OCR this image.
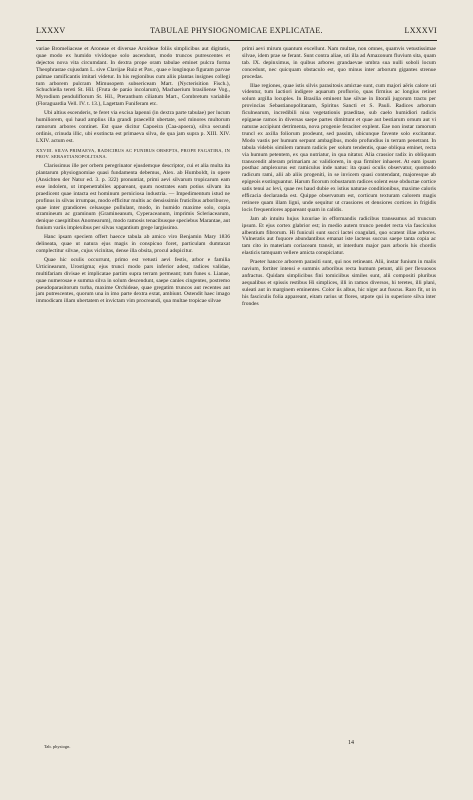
LXXXV	TABULAE PHYSIOGNOMICAE EXPLICATAE.	LXXXVI

variae Bromeliaceae et Aroneae et diversae Aroideae foliis simplicibus aut digitatis, quae modo ex humido vividoque solo ascendunt, modo truncos putrescentes et dejectos nova vita circumdant. In dextra prope oram tabulae eminet pulcra forma Theophrastae cujusdam L. sive Clavijae Ruiz et Pav., quae e longinquo figuram parvae palmae ramificantis imitari videtur. In his regionibus cum aliis plantas insignes collegi tum arborem pulcram Mimusopem subsericeam Mart. (Nycterisition Fisch.), Schuchiella tereti St. Hil. (Fruta de paráo incolarum), Machaerium brasiliense Vog., Myrodium penduliflorum St. Hil., Pteranthum ciliatum Mart., Combretum variabile (Floraguardia Vell. IV. t. 13.), Lagettam Funiferam etc.

Ubi altius escenderis, te feret via excisa lapenni (in dextra parte tabulae) per lucum humiliorem, qui haud amplius illa grandi praecellit ubertate, sed minores multorum ramorum arbores continet. Est quae dicitur Capoeira (Caa-apoera), silva secundi ordinis, crinuda illic, ubi exstincta est primaeva silva, de qua jam supra p. XIII. XIV. LXIV. actum est.

XXVIII. SILVA PRIMAEVA, RADICIBUS AC FUNIBUS OBSEPTA, PROPE FAGATIBA, IN PROV. SEBASTIANOPOLITANA.

Clarissimus ille per orbem peregrinator ejusdemque descriptor, cui et alia multa ita plantarum physiognomiae quasi fundamenta debemus, Alex. ab Humboldt, in opere (Ansichten der Natur ed. 3. p. 322) pronuntiat, primi aevi silvarum tropicarum eam esse indolem, ut impenetrabiles appareant, quum nostrates eam potius silvam ita praedicent quae intacta est hominum perniciosa industria. — Impedimentum istud ne profinus in silvas irrumpas, modo efficitur multis ac densissimis fruticibus arboribusve, quae inter grandiores celsasque pullulant, modo, in humido maxime solo, copia stramineum ac graminum (Gramineanum, Cyperaceanum, imprimis Scleriacearum, denique caespitibus Anomearum), modo ramosis tenacibusque speciebus Marantae, aut funium variis implexibus per silvas vagantium grege largissimo.

Hanc ipsam speciem offert haecce tabula ab amico viro Benjamin Mary 1836 delineata, quae ut natura ejus magis in conspicuo foret, particulam dumtaxat complectitur silvae, cujus vicinitas, dense illa obsita, procul adspicitur.

Quae hic oculis occurrunt, primo est vetusti aevi festis, arbor e familia Urticinearum, Urostigma; ejus trunci modo pars inferior adest, radices validae, multifariam divisae et implicatae partim supra terram permeant; tum funes s. Lianae, quae numerosae e summa silva in solum descendunt, saepe canles cingentes, postremo pseudoparasitorum turba, maxime Orchideae, quae gregatim truncos aut recentes aut jam putrescentes, quorum una in imo parte dextra extat, ambiunt. Ostendit haec imago immodicam illam ubertatem et invictam vim procreandi, qua multae tropicae silvae

primi aevi mirum quantum excellunt. Nam multae, non omnes, quamvis vetustissimae silvae, idem prae se ferant. Sunt contra aliae, uti illa ad Amazonum fluvium sita, quam tab. IX. depinximus, in quibus arbores grandaevae umbra sua nulli soboli locum concedunt, nec quicquam obstaculo est, quo minus inter arborum gigantes strenue procedas.

Illae regiones, quae istis silvis parasitosis amictae sunt, cum majori aëris calore uti videntur, tum lactiori indigere aquarum profluvio, quas firmius ac longius retinet solum argilla locuples. In Brasilia eminent hae silvae in litorali jugorum tractu per provincias Sebastianopolitanam, Spiritus Sancti et S. Pauli. Radices arborum ficulnearum, incredibili nisu vegetationis praeditae, sub caelo humidiori radicis epigaeae ramos in diversas saepe partes dimittunt et quae aut bestiarum ornum aut vi naturae accipiunt detrimenta, nova progenie feraciter explent. Eae non instar ramorum truncl ex axilla foliorum prodeunt, sed passim, ubicunque favente solo excitantur. Modo vastis per humum serpunt ambagibus, modo profundius in terram penetrant. In tabula videbis similem ramum radicis per solum tendentis, quae obliqua eminet, recta via humum petentem, ex qua nutriatur, in qua nitatur. Alia crassior radix in obliquum transcendit alteram primariam ac validiorem, in qua firmiter inhaeret. At eam ipsam posthac amplexurus est ramiculus inde natus: ita quasi oculis observatur, quomodo radicum rami, alii ab aliis progeniti, in se invicem quasi contendant, majoresque ab epigeois exstinguantur. Harum ficorum robustarum radices solent esse obductae cortice satis tenui ac levi, quae res haud dubie ex istius naturae conditionibus, maxime caloris efficacia declaranda est. Quippe observatum est, corticum texturam calorem magis retinere quam illam ligni, unde sequitur ut crassiores et densiores cortices in frigidis locis frequentiores appareant quam in calidis.

Jam ab intuitu hujus luxuriae in efformandis radicibus transeamus ad truncum ipsum. Et ejus cortex glabrior est; in medio autem trunco pendet recta via fasciculus albentium fibrorum. Hi funiculi sunt succi lactei coagulati, quo scatent illae arbores. Vulneratis aut fuquore abundantibus emanat iste lacteus succus saepe tanta copia ac tam cito in materiam coriaceam transit, ut interdum major pars arboris his chordis elasticis tamquam vellere amicta conspiciatur.

Praeter hancce arborem parasiti sunt, qui nos retineant. Alii, instar funium in malis navium, fortiter intensi e summis arboribus recta humum petunt, alii per flexuosos anfractus. Quidam simplicibus fini tomiciibus similes sunt, alii compositi pluribus aequalibus et spissis restibus Hi simplices, illi in ramos diversos, hi teretes, illi plani, suleati aut in marginem eminentes. Color iis albus, hic niger aut fuscus. Raro fit, ut in his fasciculis folia appareant, eitam rarius ut flores, utpote qui in superiore silva inter frondes

Tab. physiogn.
14
